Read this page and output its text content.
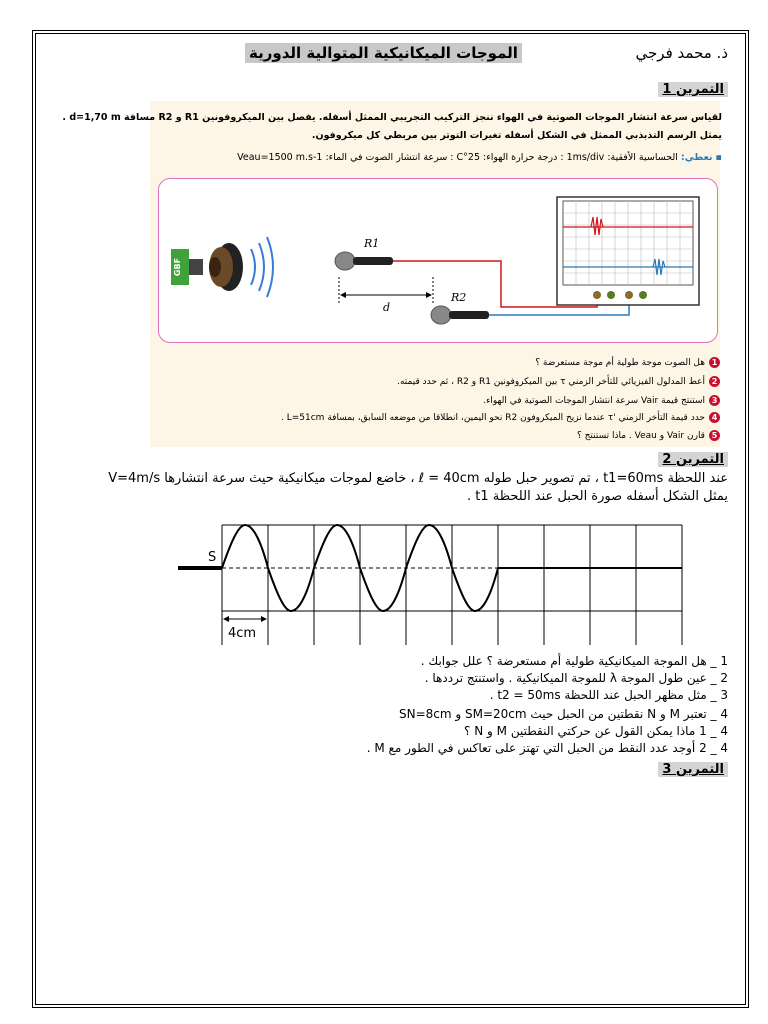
ذ. محمد فرجي
الموجات الميكانيكية المتوالية الدورية
التمرين 1
لقياس سرعة انتشار الموجات الصوتية في الهواء ننجز التركيب التجريبي الممثل أسفله. يفصل بين الميكروفونين R1 و R2 مسافة d=1,70 m .
يمثل الرسم التذبذبي الممثل في الشكل أسفله تغيرات التوتر بين مربطي كل ميكروفون.
▪ نعطي: الحساسية الأفقية: 1ms/div : درجة حرارة الهواء: 25°C : سرعة انتشار الصوت في الماء: Veau=1500 m.s-1
GBF
R1
R2
d
1هل الصوت موجة طولية أم موجة مستعرضة ؟
2أعط المدلول الفيزيائي للتأخر الزمني τ بين الميكروفونين R1 و R2 ، ثم حدد قيمته.
3استنتج قيمة Vair سرعة انتشار الموجات الصوتية في الهواء.
4حدد قيمة التأخر الزمني 'τ عندما نزيح الميكروفون R2 نحو اليمين، انطلاقا من موضعه السابق، بمسافة L=51cm .
5قارن Vair و Veau . ماذا تستنتج ؟
التمرين 2
عند اللحظة t1=60ms ، تم تصوير حبل طوله ℓ = 40cm ، خاضع لموجات ميكانيكية حيث سرعة انتشارها V=4m/s
يمثل الشكل أسفله صورة الحبل عند اللحظة t1 .
S
4cm
1 _ هل الموجة الميكانيكية طولية أم مستعرضة ؟ علل جوابك .
2 _ عين طول الموجة λ للموجة الميكانيكية . واستنتج ترددها .
3 _ مثل مظهر الحبل عند اللحظة t2 = 50ms .
4 _ تعتبر M و N نقطتين من الحبل حيث SM=20cm و SN=8cm
4 _ 1 ماذا يمكن القول عن حركتي النقطتين M و N ؟
4 _ 2 أوجد عدد النقط من الحبل التي تهتز على تعاكس في الطور مع M .
التمرين 3
